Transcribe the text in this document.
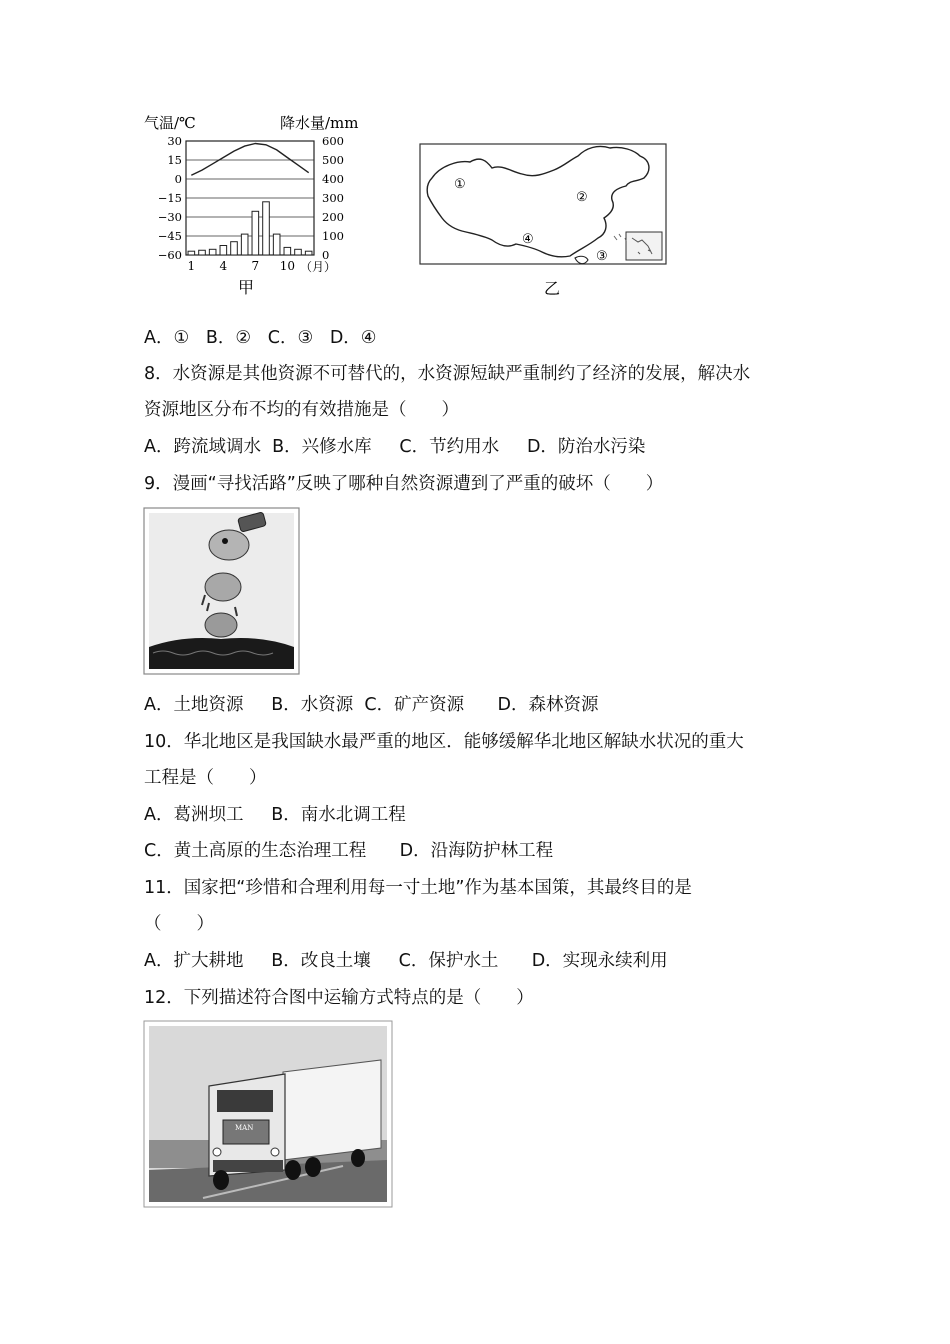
气温/℃	降水量/mm
30
15
0
−15
−30
−45
−60
600
500
400
300
200
100
0
1 4 7 10 （月）
甲
①
②
③
④
乙
A．①   B．②   C．③   D．④
8．水资源是其他资源不可替代的，水资源短缺严重制约了经济的发展，解决水
资源地区分布不均的有效措施是（　　）
A．跨流域调水  B．兴修水库     C．节约用水     D．防治水污染
9．漫画“寻找活路”反映了哪种自然资源遭到了严重的破坏（　　）
A．土地资源     B．水资源  C．矿产资源      D．森林资源
10．华北地区是我国缺水最严重的地区．能够缓解华北地区解缺水状况的重大
工程是（　　）
A．葛洲坝工     B．南水北调工程
C．黄土高原的生态治理工程      D．沿海防护林工程
11．国家把“珍惜和合理利用每一寸土地”作为基本国策，其最终目的是
（　　）
A．扩大耕地     B．改良土壤     C．保护水土      D．实现永续利用
12．下列描述符合图中运输方式特点的是（　　）
MAN
